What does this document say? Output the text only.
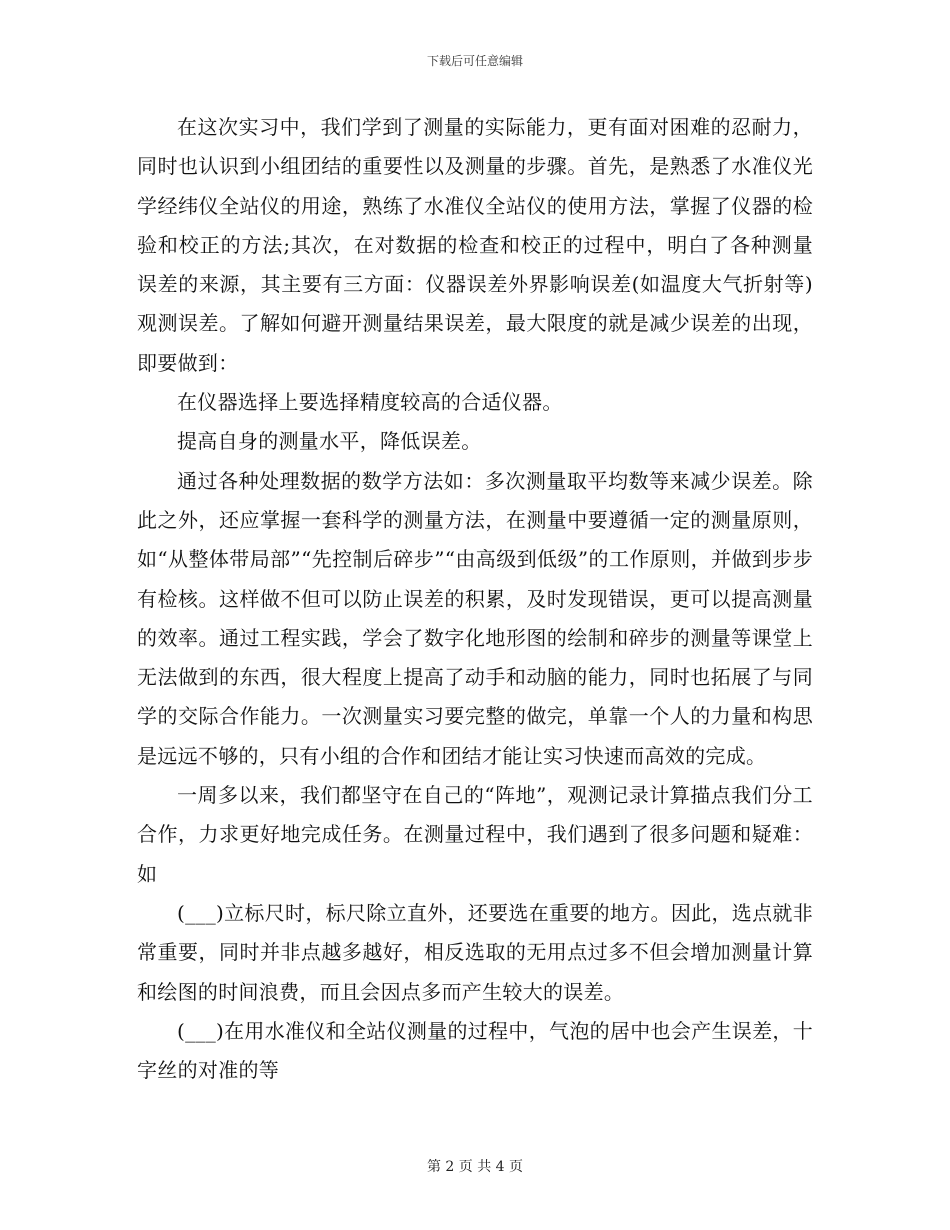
下载后可任意编辑

在这次实习中，我们学到了测量的实际能力，更有面对困难的忍耐力，同时也认识到小组团结的重要性以及测量的步骤。首先，是熟悉了水准仪光学经纬仪全站仪的用途，熟练了水准仪全站仪的使用方法，掌握了仪器的检验和校正的方法;其次，在对数据的检查和校正的过程中，明白了各种测量误差的来源，其主要有三方面：仪器误差外界影响误差(如温度大气折射等)观测误差。了解如何避开测量结果误差，最大限度的就是减少误差的出现，即要做到：

在仪器选择上要选择精度较高的合适仪器。

提高自身的测量水平，降低误差。

通过各种处理数据的数学方法如：多次测量取平均数等来减少误差。除此之外，还应掌握一套科学的测量方法，在测量中要遵循一定的测量原则，如“从整体带局部”“先控制后碎步”“由高级到低级”的工作原则，并做到步步有检核。这样做不但可以防止误差的积累，及时发现错误，更可以提高测量的效率。通过工程实践，学会了数字化地形图的绘制和碎步的测量等课堂上无法做到的东西，很大程度上提高了动手和动脑的能力，同时也拓展了与同学的交际合作能力。一次测量实习要完整的做完，单靠一个人的力量和构思是远远不够的，只有小组的合作和团结才能让实习快速而高效的完成。

一周多以来，我们都坚守在自己的“阵地”，观测记录计算描点我们分工合作，力求更好地完成任务。在测量过程中，我们遇到了很多问题和疑难：如

(___)立标尺时，标尺除立直外，还要选在重要的地方。因此，选点就非常重要，同时并非点越多越好，相反选取的无用点过多不但会增加测量计算和绘图的时间浪费，而且会因点多而产生较大的误差。

(___)在用水准仪和全站仪测量的过程中，气泡的居中也会产生误差，十字丝的对准的等

第 2 页 共 4 页
